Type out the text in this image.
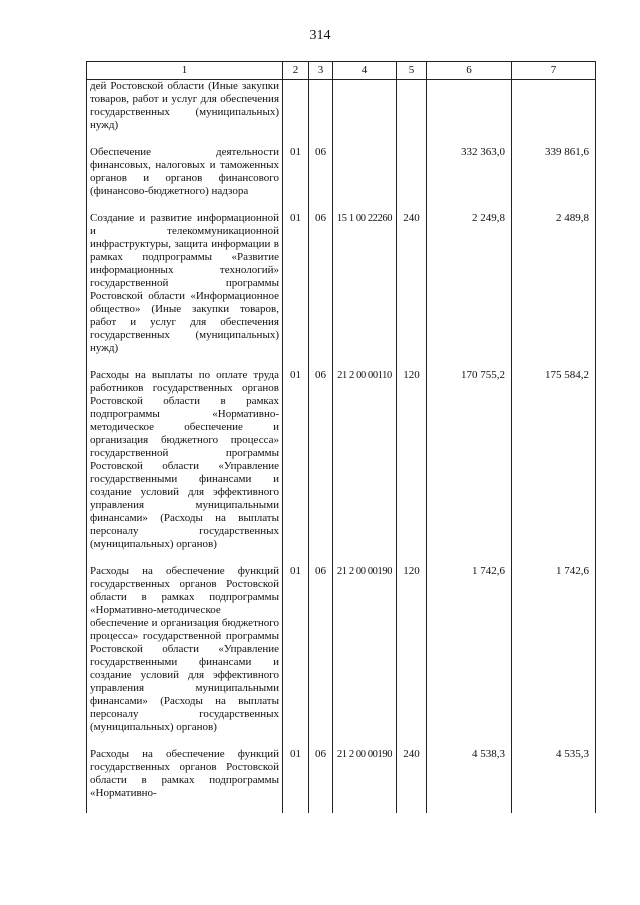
314
1	2	3	4	5	6	7
дей Ростовской области (Иные закупки товаров, работ и услуг для обеспечения государственных (муниципальных) нужд)						
Обеспечение деятельности финансовых, налоговых и таможенных органов и органов финансового (финансово-бюджетного) надзора	01	06			332 363,0	339 861,6
Создание и развитие информационной и телекоммуникационной инфраструктуры, защита информации в рамках подпрограммы «Развитие информационных технологий» государственной программы Ростовской области «Информационное общество» (Иные закупки товаров, работ и услуг для обеспечения государственных (муниципальных) нужд)	01	06	15 1 00 22260	240	2 249,8	2 489,8
Расходы на выплаты по оплате труда работников государственных органов Ростовской области в рамках подпрограммы «Нормативно-методическое обеспечение и организация бюджетного процесса» государственной программы Ростовской области «Управление государственными финансами и создание условий для эффективного управления муниципальными финансами» (Расходы на выплаты персоналу государственных (муниципальных) органов)	01	06	21 2 00 00110	120	170 755,2	175 584,2
Расходы на обеспечение функций государственных органов Ростовской области в рамках подпрограммы «Нормативно-методическое обеспечение и организация бюджетного процесса» государственной программы Ростовской области «Управление государственными финансами и создание условий для эффективного управления муниципальными финансами» (Расходы на выплаты персоналу государственных (муниципальных) органов)	01	06	21 2 00 00190	120	1 742,6	1 742,6
Расходы на обеспечение функций государственных органов Ростовской области в рамках подпрограммы «Нормативно-	01	06	21 2 00 00190	240	4 538,3	4 535,3
